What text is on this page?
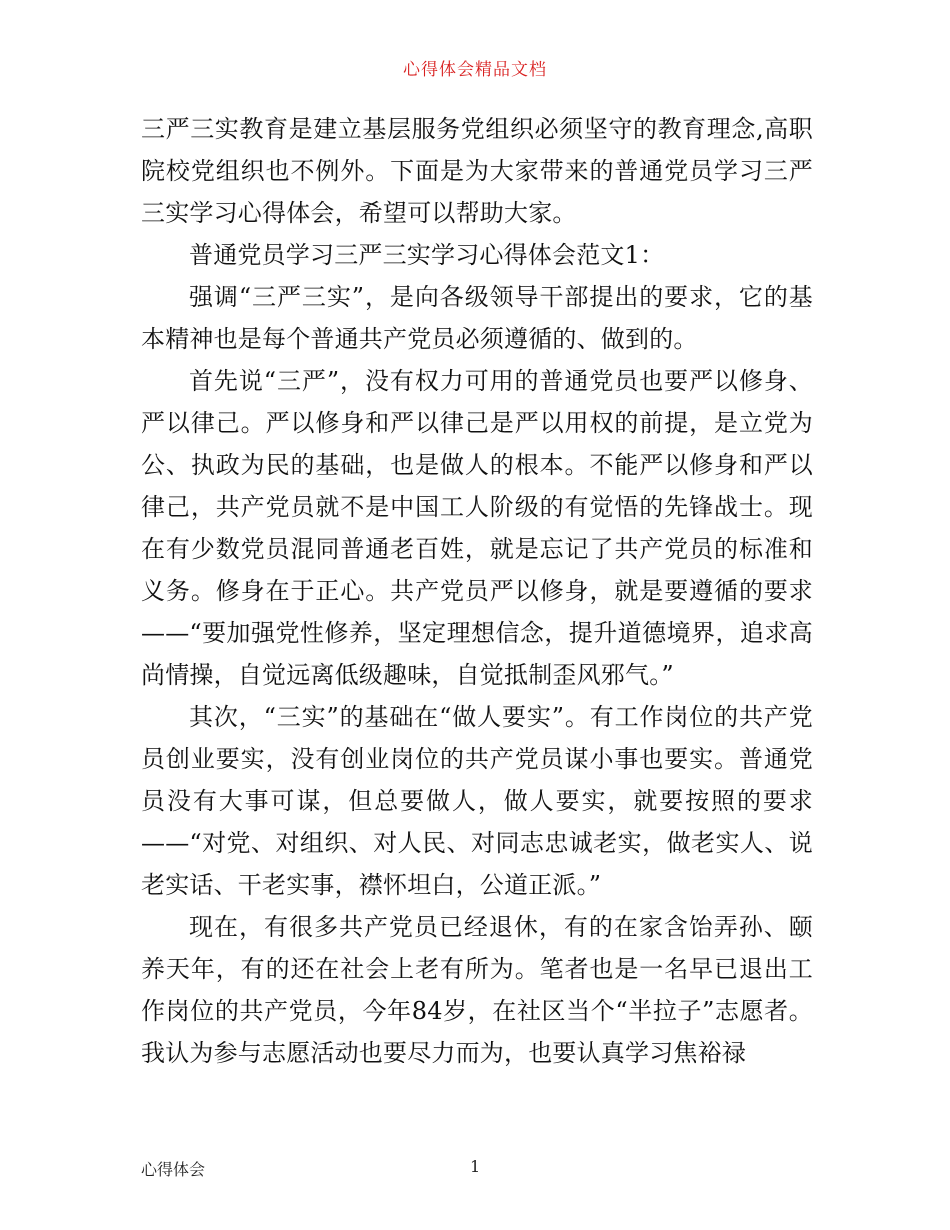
心得体会精品文档

三严三实教育是建立基层服务党组织必须坚守的教育理念,高职院校党组织也不例外。下面是为大家带来的普通党员学习三严三实学习心得体会，希望可以帮助大家。

普通党员学习三严三实学习心得体会范文1：

强调“三严三实”，是向各级领导干部提出的要求，它的基本精神也是每个普通共产党员必须遵循的、做到的。

首先说“三严”，没有权力可用的普通党员也要严以修身、严以律己。严以修身和严以律己是严以用权的前提，是立党为公、执政为民的基础，也是做人的根本。不能严以修身和严以律己，共产党员就不是中国工人阶级的有觉悟的先锋战士。现在有少数党员混同普通老百姓，就是忘记了共产党员的标准和义务。修身在于正心。共产党员严以修身，就是要遵循的要求——“要加强党性修养，坚定理想信念，提升道德境界，追求高尚情操，自觉远离低级趣味，自觉抵制歪风邪气。”

其次，“三实”的基础在“做人要实”。有工作岗位的共产党员创业要实，没有创业岗位的共产党员谋小事也要实。普通党员没有大事可谋，但总要做人，做人要实，就要按照的要求——“对党、对组织、对人民、对同志忠诚老实，做老实人、说老实话、干老实事，襟怀坦白，公道正派。”

现在，有很多共产党员已经退休，有的在家含饴弄孙、颐养天年，有的还在社会上老有所为。笔者也是一名早已退出工作岗位的共产党员，今年84岁，在社区当个“半拉子”志愿者。我认为参与志愿活动也要尽力而为，也要认真学习焦裕禄

心得体会	1
